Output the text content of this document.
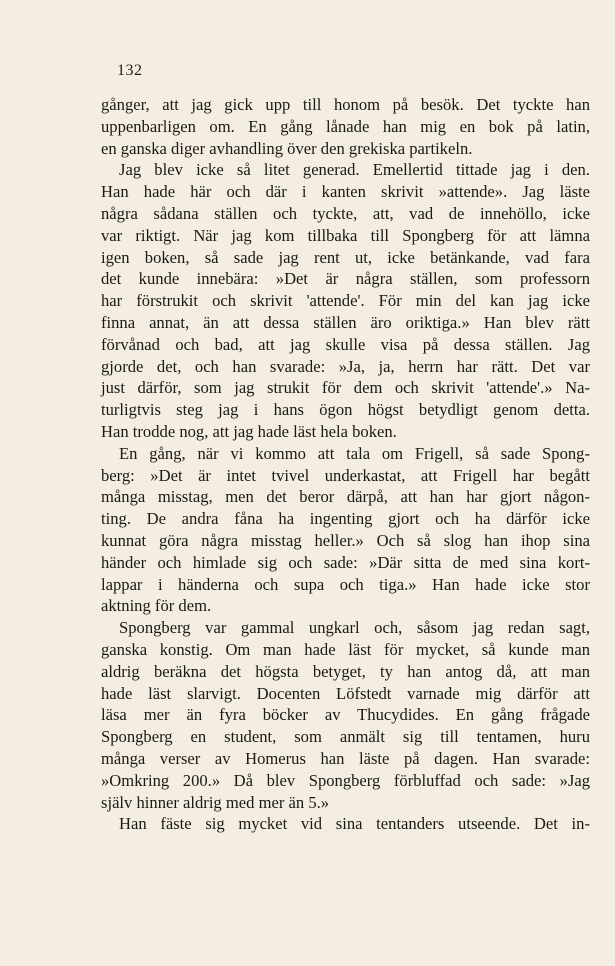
132
gånger, att jag gick upp till honom på besök. Det tyckte han
uppenbarligen om. En gång lånade han mig en bok på latin,
en ganska diger avhandling över den grekiska partikeln.
Jag blev icke så litet generad. Emellertid tittade jag i den.
Han hade här och där i kanten skrivit »attende». Jag läste
några sådana ställen och tyckte, att, vad de innehöllo, icke
var riktigt. När jag kom tillbaka till Spongberg för att lämna
igen boken, så sade jag rent ut, icke betänkande, vad fara
det kunde innebära: »Det är några ställen, som professorn
har förstrukit och skrivit 'attende'. För min del kan jag icke
finna annat, än att dessa ställen äro oriktiga.» Han blev rätt
förvånad och bad, att jag skulle visa på dessa ställen. Jag
gjorde det, och han svarade: »Ja, ja, herrn har rätt. Det var
just därför, som jag strukit för dem och skrivit 'attende'.» Na-
turligtvis steg jag i hans ögon högst betydligt genom detta.
Han trodde nog, att jag hade läst hela boken.
En gång, när vi kommo att tala om Frigell, så sade Spong-
berg: »Det är intet tvivel underkastat, att Frigell har begått
många misstag, men det beror därpå, att han har gjort någon-
ting. De andra fåna ha ingenting gjort och ha därför icke
kunnat göra några misstag heller.» Och så slog han ihop sina
händer och himlade sig och sade: »Där sitta de med sina kort-
lappar i händerna och supa och tiga.» Han hade icke stor
aktning för dem.
Spongberg var gammal ungkarl och, såsom jag redan sagt,
ganska konstig. Om man hade läst för mycket, så kunde man
aldrig beräkna det högsta betyget, ty han antog då, att man
hade läst slarvigt. Docenten Löfstedt varnade mig därför att
läsa mer än fyra böcker av Thucydides. En gång frågade
Spongberg en student, som anmält sig till tentamen, huru
många verser av Homerus han läste på dagen. Han svarade:
»Omkring 200.» Då blev Spongberg förbluffad och sade: »Jag
själv hinner aldrig med mer än 5.»
Han fäste sig mycket vid sina tentanders utseende. Det in-
